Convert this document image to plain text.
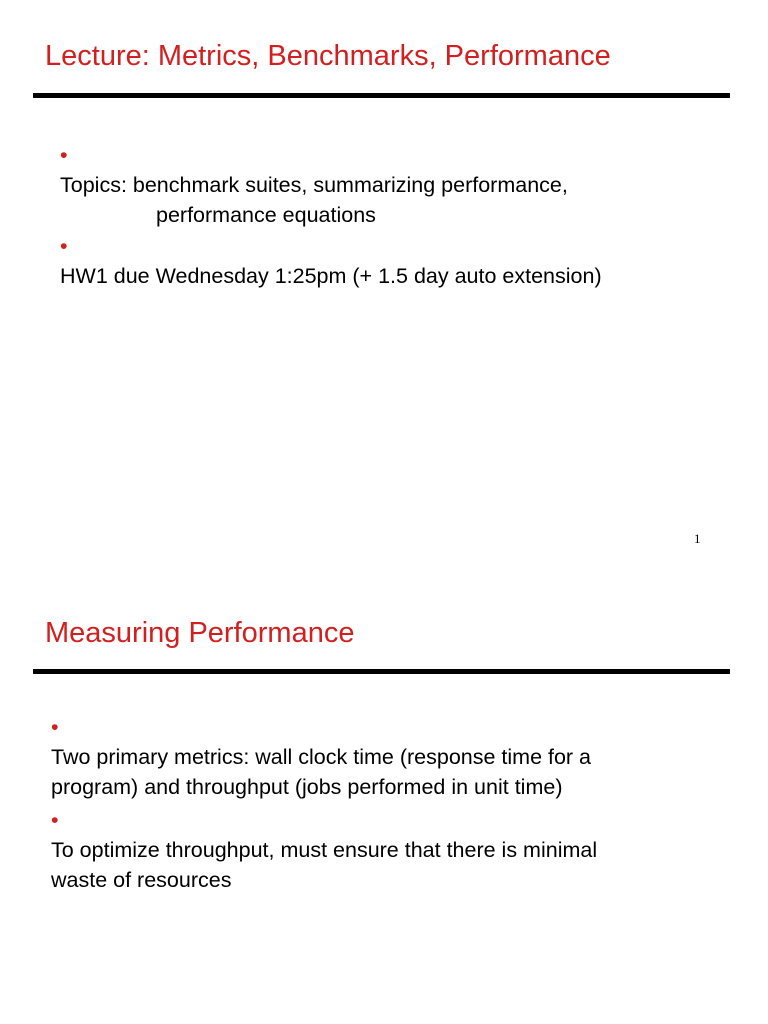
Lecture: Metrics, Benchmarks, Performance
•
Topics: benchmark suites, summarizing performance,
performance equations
•
HW1 due Wednesday 1:25pm (+ 1.5 day auto extension)
1
Measuring Performance
•
Two primary metrics: wall clock time (response time for a
program) and throughput (jobs performed in unit time)
•
To optimize throughput, must ensure that there is minimal
waste of resources
